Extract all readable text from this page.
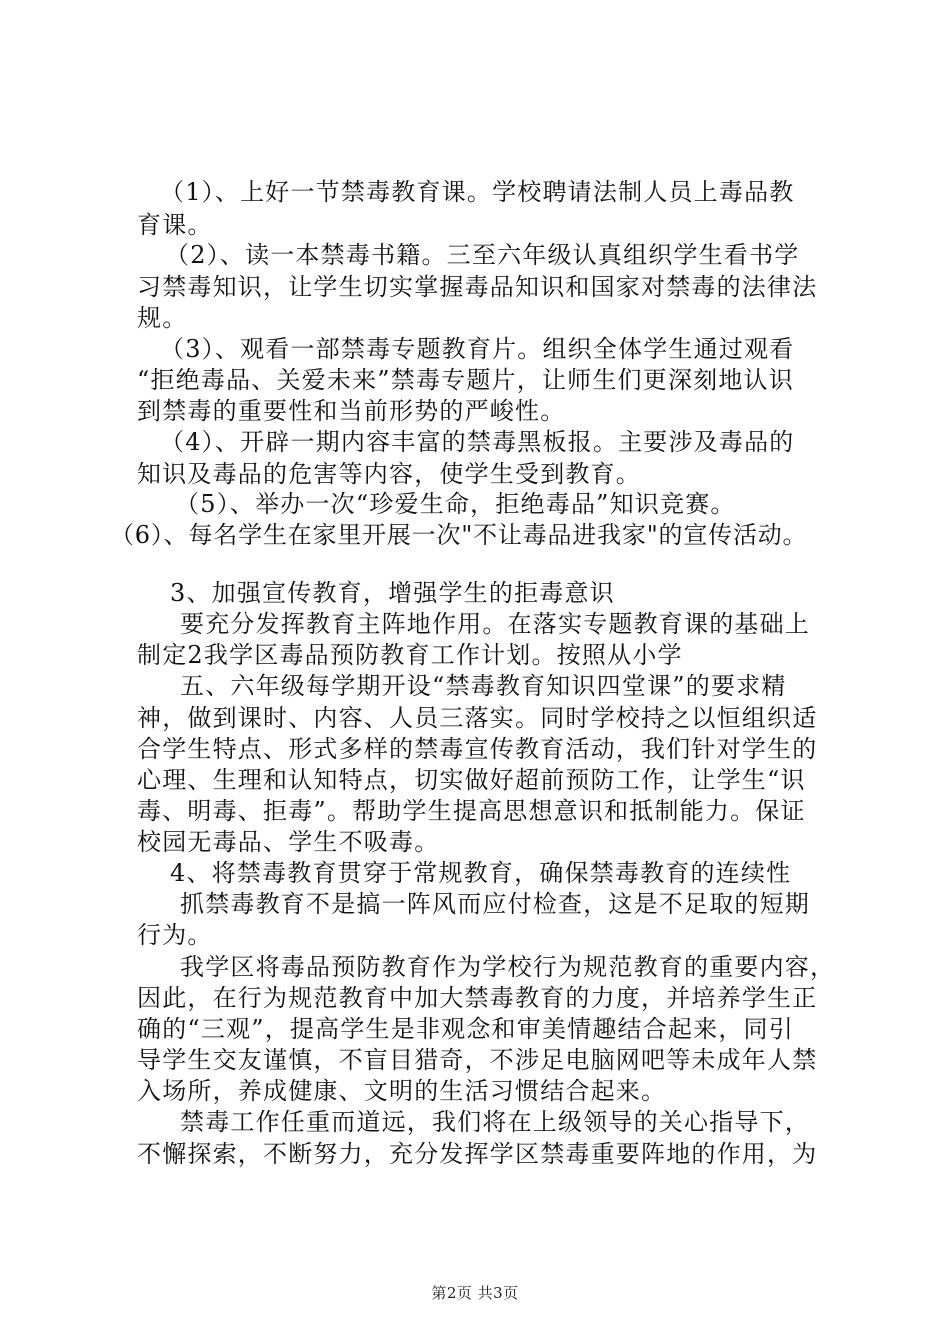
（1）、上好一节禁毒教育课。学校聘请法制人员上毒品教
育课。
（2）、读一本禁毒书籍。三至六年级认真组织学生看书学
习禁毒知识，让学生切实掌握毒品知识和国家对禁毒的法律法
规。
（3）、观看一部禁毒专题教育片。组织全体学生通过观看
“拒绝毒品、关爱未来”禁毒专题片，让师生们更深刻地认识
到禁毒的重要性和当前形势的严峻性。
（4）、开辟一期内容丰富的禁毒黑板报。主要涉及毒品的
知识及毒品的危害等内容，使学生受到教育。
（5）、举办一次“珍爱生命，拒绝毒品”知识竞赛。
（6）、每名学生在家里开展一次"不让毒品进我家"的宣传活动。
3、加强宣传教育，增强学生的拒毒意识
要充分发挥教育主阵地作用。在落实专题教育课的基础上
制定2我学区毒品预防教育工作计划。按照从小学
五、六年级每学期开设“禁毒教育知识四堂课”的要求精
神，做到课时、内容、人员三落实。同时学校持之以恒组织适
合学生特点、形式多样的禁毒宣传教育活动，我们针对学生的
心理、生理和认知特点，切实做好超前预防工作，让学生“识
毒、明毒、拒毒”。帮助学生提高思想意识和抵制能力。保证
校园无毒品、学生不吸毒。
4、将禁毒教育贯穿于常规教育，确保禁毒教育的连续性
抓禁毒教育不是搞一阵风而应付检查，这是不足取的短期
行为。
我学区将毒品预防教育作为学校行为规范教育的重要内容，
因此，在行为规范教育中加大禁毒教育的力度，并培养学生正
确的“三观”，提高学生是非观念和审美情趣结合起来，同引
导学生交友谨慎，不盲目猎奇，不涉足电脑网吧等未成年人禁
入场所，养成健康、文明的生活习惯结合起来。
禁毒工作任重而道远，我们将在上级领导的关心指导下，
不懈探索，不断努力，充分发挥学区禁毒重要阵地的作用，为
第2页 共3页
